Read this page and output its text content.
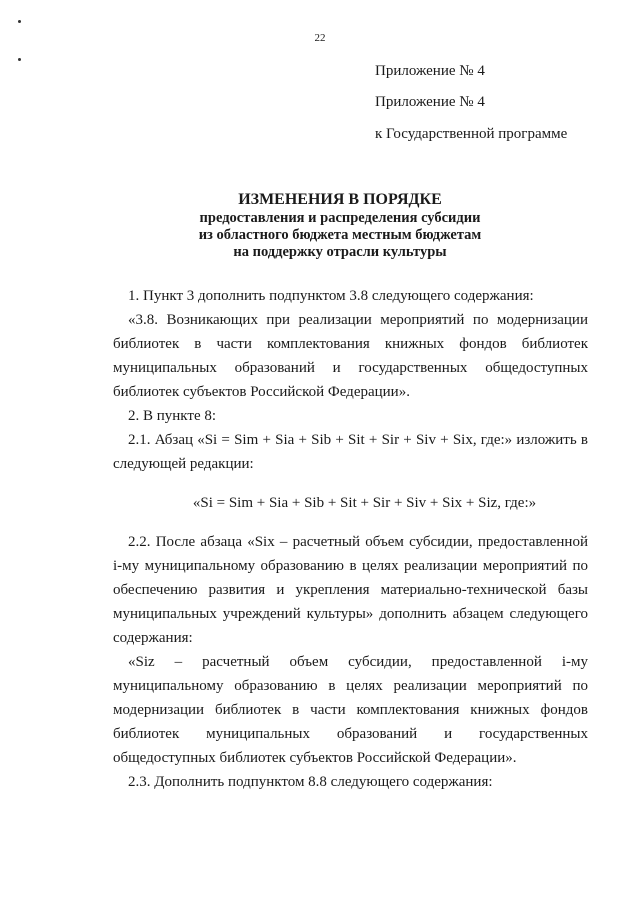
22
Приложение № 4
Приложение № 4
к Государственной программе
ИЗМЕНЕНИЯ В ПОРЯДКЕ
предоставления и распределения субсидии
из областного бюджета местным бюджетам
на поддержку отрасли культуры

1. Пункт 3 дополнить подпунктом 3.8 следующего содержания:

«3.8. Возникающих при реализации мероприятий по модернизации библиотек в части комплектования книжных фондов библиотек муниципальных образований и государственных общедоступных библиотек субъектов Российской Федерации».

2. В пункте 8:

2.1. Абзац «Si = Sim + Sia + Sib + Sit + Sir + Siv + Six, где:» изложить в следующей редакции:

«Si = Sim + Sia + Sib + Sit + Sir + Siv + Six + Siz, где:»

2.2. После абзаца «Six – расчетный объем субсидии, предоставленной i-му муниципальному образованию в целях реализации мероприятий по обеспечению развития и укрепления материально-технической базы муниципальных учреждений культуры» дополнить абзацем следующего содержания:

«Siz – расчетный объем субсидии, предоставленной i-му муниципальному образованию в целях реализации мероприятий по модернизации библиотек в части комплектования книжных фондов библиотек муниципальных образований и государственных общедоступных библиотек субъектов Российской Федерации».

2.3. Дополнить подпунктом 8.8 следующего содержания:
